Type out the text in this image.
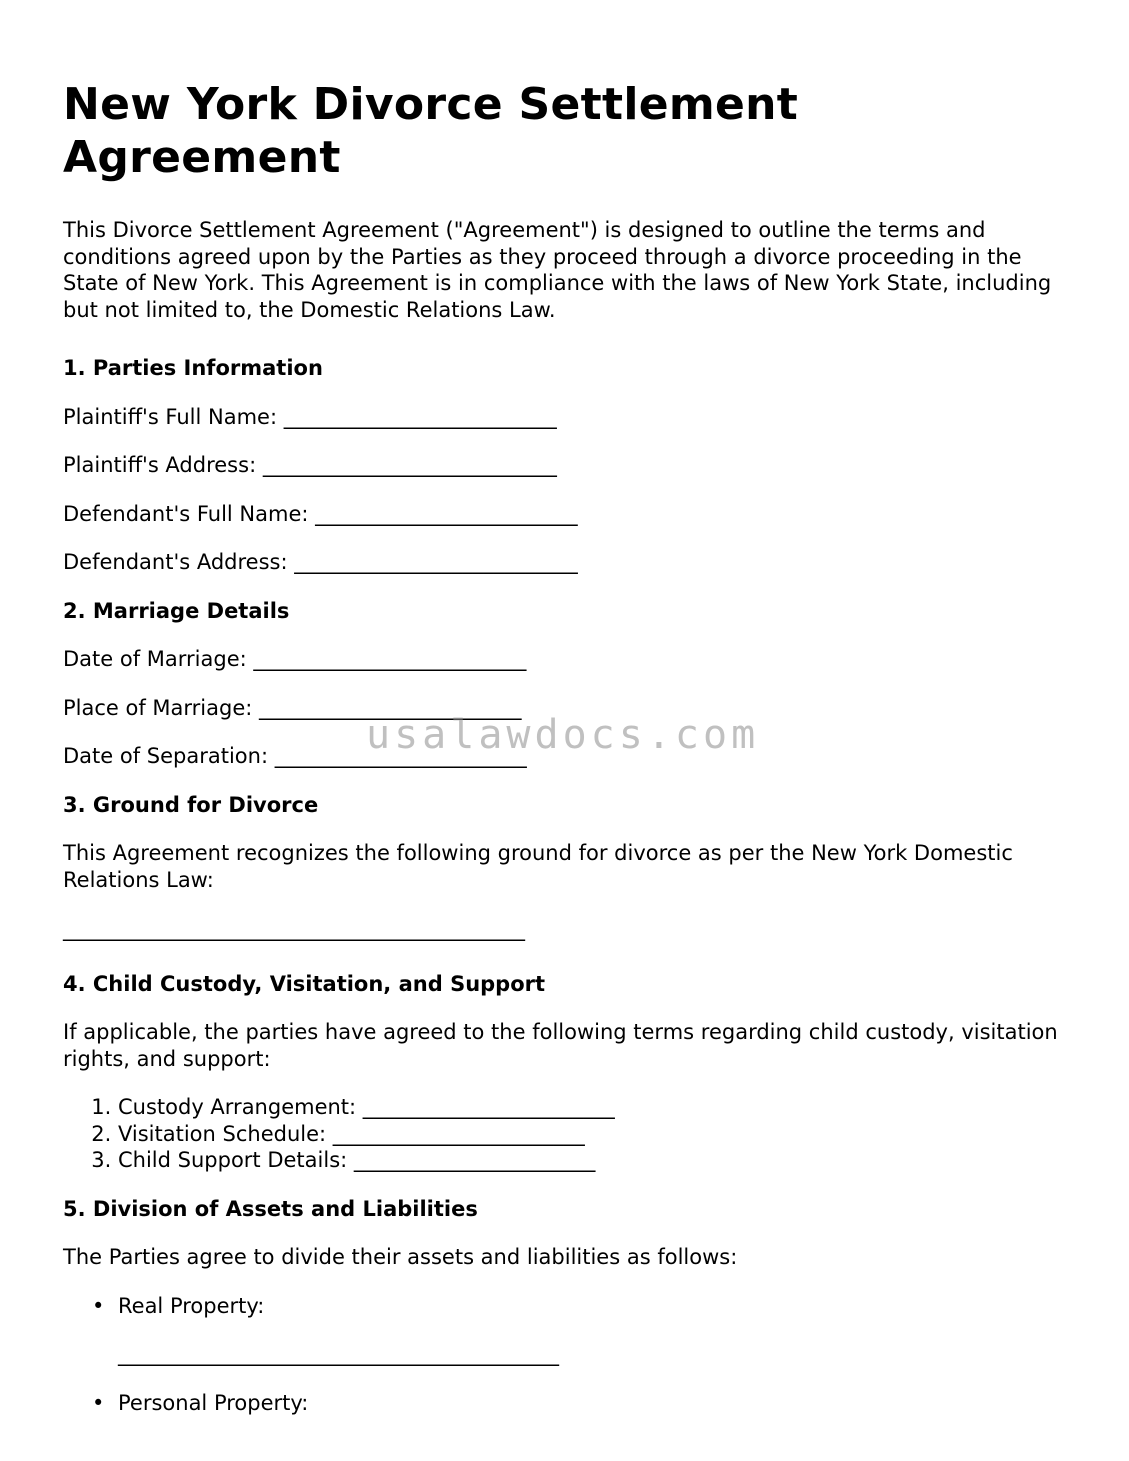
New York Divorce Settlement Agreement

This Divorce Settlement Agreement ("Agreement") is designed to outline the terms and conditions agreed upon by the Parties as they proceed through a divorce proceeding in the State of New York. This Agreement is in compliance with the laws of New York State, including but not limited to, the Domestic Relations Law.

1. Parties Information

Plaintiff's Full Name: __________________________

Plaintiff's Address: ____________________________

Defendant's Full Name: _________________________

Defendant's Address: ___________________________

2. Marriage Details

Date of Marriage: __________________________

Place of Marriage: _________________________

Date of Separation: ________________________

3. Ground for Divorce

This Agreement recognizes the following ground for divorce as per the New York Domestic Relations Law:

____________________________________________

4. Child Custody, Visitation, and Support

If applicable, the parties have agreed to the following terms regarding child custody, visitation rights, and support:

1. Custody Arrangement: ________________________
2. Visitation Schedule: ________________________
3. Child Support Details: _______________________
5. Division of Assets and Liabilities

The Parties agree to divide their assets and liabilities as follows:

• Real Property:
__________________________________________
• Personal Property:
usalawdocs.com
